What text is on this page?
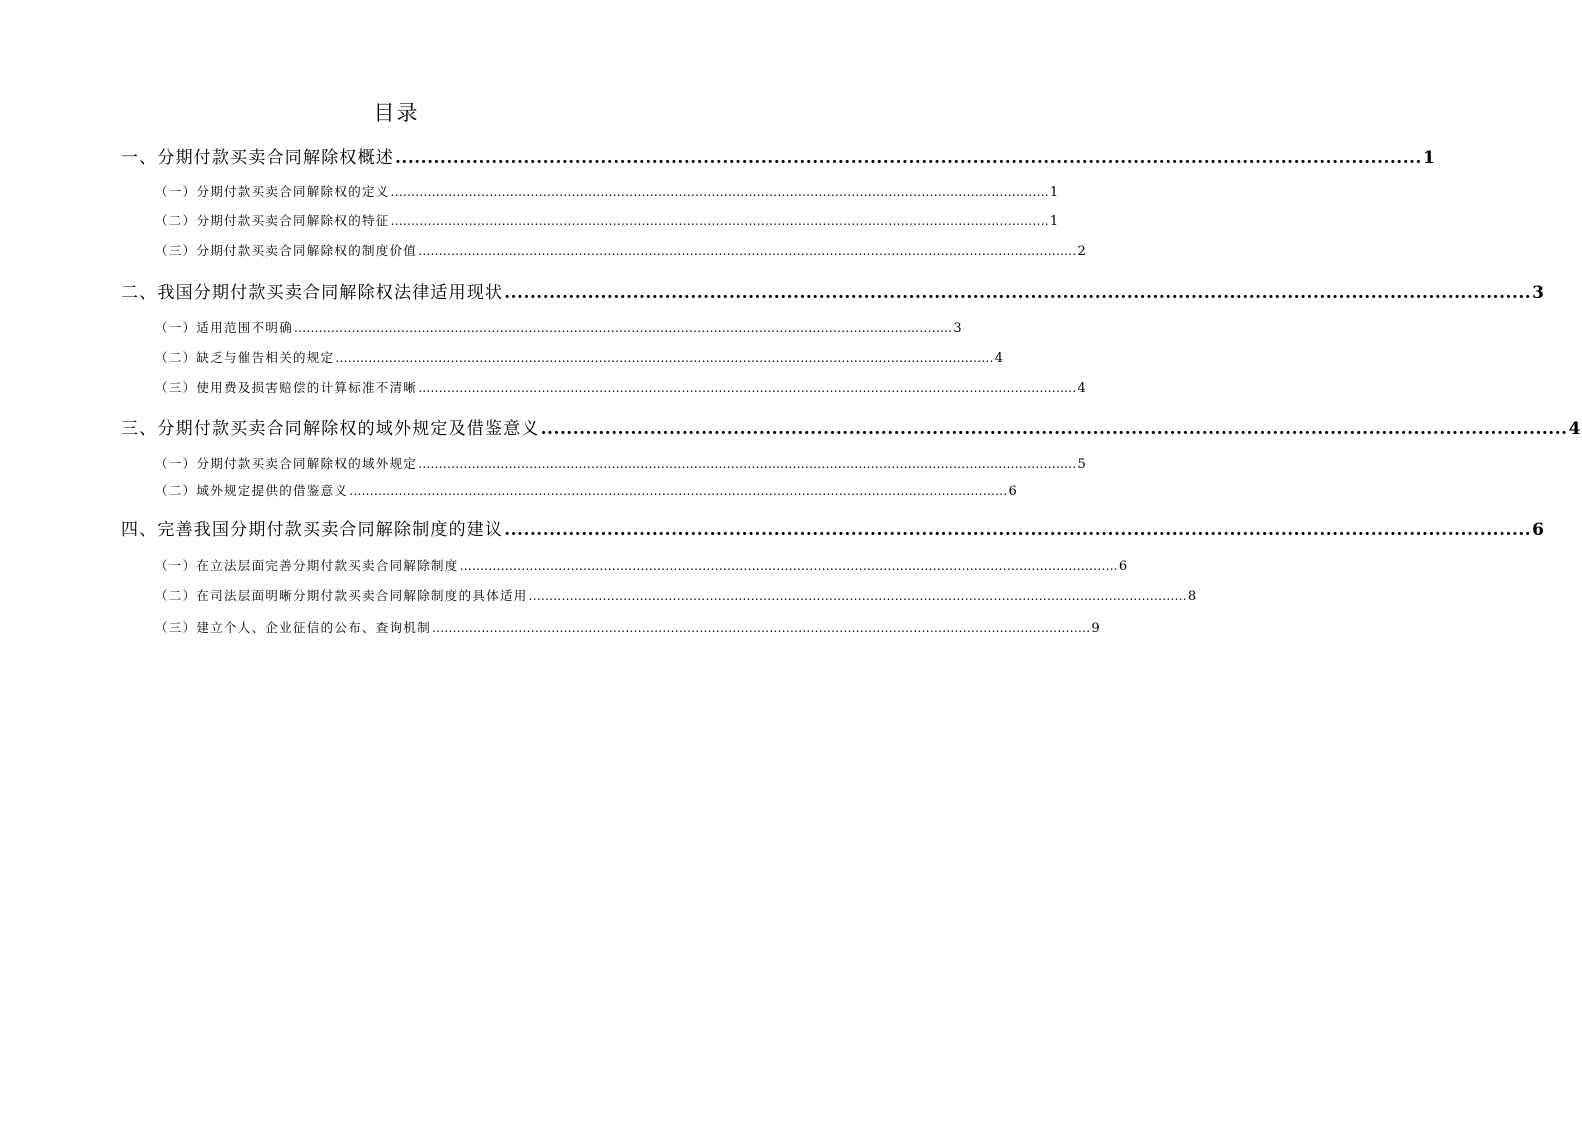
目录
一、分期付款买卖合同解除权概述 ................................................................................................................................................................ 1
（一）分期付款买卖合同解除权的定义 ................................................................................................................................................................ 1
（二）分期付款买卖合同解除权的特征 ................................................................................................................................................................ 1
（三）分期付款买卖合同解除权的制度价值 ................................................................................................................................................................ 2
二、我国分期付款买卖合同解除权法律适用现状 ................................................................................................................................................................ 3
（一）适用范围不明确 ................................................................................................................................................................ 3
（二）缺乏与催告相关的规定 ................................................................................................................................................................ 4
（三）使用费及损害赔偿的计算标准不清晰 ................................................................................................................................................................ 4
三、分期付款买卖合同解除权的域外规定及借鉴意义 ................................................................................................................................................................ 4
（一）分期付款买卖合同解除权的域外规定 ................................................................................................................................................................ 5
（二）域外规定提供的借鉴意义 ................................................................................................................................................................ 6
四、完善我国分期付款买卖合同解除制度的建议 ................................................................................................................................................................ 6
（一）在立法层面完善分期付款买卖合同解除制度 ................................................................................................................................................................ 6
（二）在司法层面明晰分期付款买卖合同解除制度的具体适用 ................................................................................................................................................................ 8
（三）建立个人、企业征信的公布、查询机制 ................................................................................................................................................................ 9
